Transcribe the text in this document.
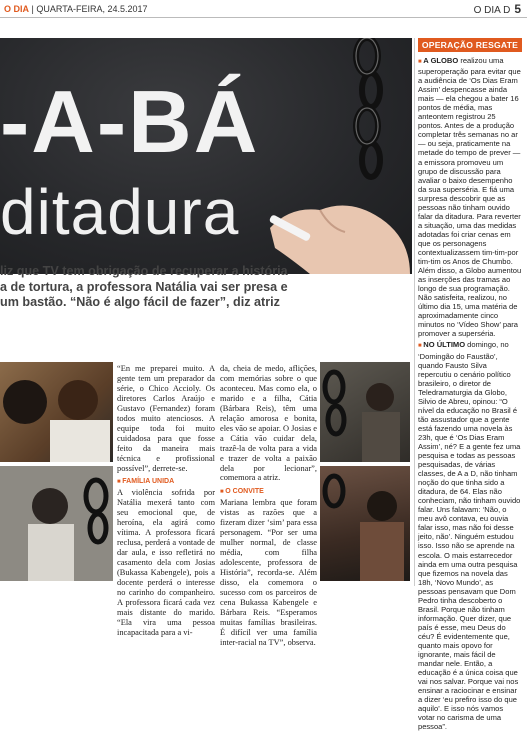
O DIA | QUARTA-FEIRA, 24.5.2017	O DIA D 5
-A-BÁ
ditadura
liz que TV tem obrigação de recuperar a história
a de tortura, a professora Natália vai ser presa e
um bastão. “Não é algo fácil de fazer”, diz atriz

“En me preparei muito. A gente tem um preparador da série, o Chico Accioly. Os diretores Carlos Araújo e Gustavo (Fernandez) foram todos muito atenciosos. A equipe toda foi muito cuidadosa para que fosse feito da maneira mais técnica e profissional possível”, derrete-se.

■ FAMÍLIA UNIDA

A violência sofrida por Natália mexerá tanto com seu emocional que, de heroína, ela agirá como vítima. A professora ficará reclusa, perderá a vontade de dar aula, e isso refletirá no casamento dela com Josias (Bukassa Kabengele), pois a docente perderá o interesse no carinho do companheiro. A professora ficará cada vez mais distante do marido. “Ela vira uma pessoa incapacitada para a vi-

da, cheia de medo, aflições, com memórias sobre o que aconteceu. Mas como ela, o marido e a filha, Cátia (Bárbara Reis), têm uma relação amorosa e bonita, eles vão se apoiar. O Josias e a Cátia vão cuidar dela, trazê-la de volta para a vida e trazer de volta a paixão dela por lecionar”, comemora a atriz.

■ O CONVITE

Mariana lembra que foram vistas as razões que a fizeram dizer ‘sim’ para essa personagem. “Por ser uma mulher normal, de classe média, com filha adolescente, professora de História”, recorda-se. Além disso, ela comemora o sucesso com os parceiros de cena Bukassa Kabengele e Bárbara Reis. “Esperamos muitas famílias brasileiras. É difícil ver uma família inter-racial na TV”, observa.

OPERAÇÃO RESGATE

■ A GLOBO realizou uma superoperação para evitar que a audiência de ‘Os Dias Eram Assim’ despencasse ainda mais — ela chegou a bater 16 pontos de média, mas anteontem registrou 25 pontos. Antes de a produção completar três semanas no ar — ou seja, praticamente na metade do tempo de prever — a emissora promoveu um grupo de discussão para avaliar o baixo desempenho da sua superséria. E fiá uma surpresa descobrir que as pessoas não tinham ouvido falar da ditadura. Para reverter a situação, uma das medidas adotadas foi criar cenas em que os personagens contextualizassem tim-tim-por tim-tim os Anos de Chumbo. Além disso, a Globo aumentou as inserções das tramas ao longo de sua programação. Não satisfeita, realizou, no último dia 15, uma matéria de aproximadamente cinco minutos no ‘Vídeo Show’ para promover a superséria.

■ NO ÚLTIMO domingo, no ‘Domingão do Faustão’, quando Fausto Silva repercutiu o cenário político brasileiro, o diretor de Teledramaturgia da Globo, Silvio de Abreu, opinou: “O nível da educação no Brasil é tão assustador que a gente está fazendo uma novela às 23h, que é ‘Os Dias Eram Assim’, né? E a gente fez uma pesquisa e todas as pessoas pesquisadas, de várias classes, de A a D, não tinham noção do que tinha sido a ditadura, de 64. Elas não conheciam, não tinham ouvido falar. Uns falavam: ‘Não, o meu avô contava, eu ouvia falar isso, mas não foi desse jeito, não’. Ninguém estudou isso. Isso não se aprende na escola. O mais estarrecedor ainda em uma outra pesquisa que fizemos na novela das 18h, ‘Novo Mundo’, as pessoas pensavam que Dom Pedro tinha descoberto o Brasil. Porque não tinham informação. Quer dizer, que país é esse, meu Deus do céu? É evidentemente que, quanto mais opovo for ignorante, mais fácil de mandar nele. Então, a educação é a única coisa que vai nos salvar. Porque vai nos ensinar a raciocinar e ensinar a dizer ‘eu prefiro isso do que aquilo’. E isso nós vamos votar no carisma de uma pessoa”.
